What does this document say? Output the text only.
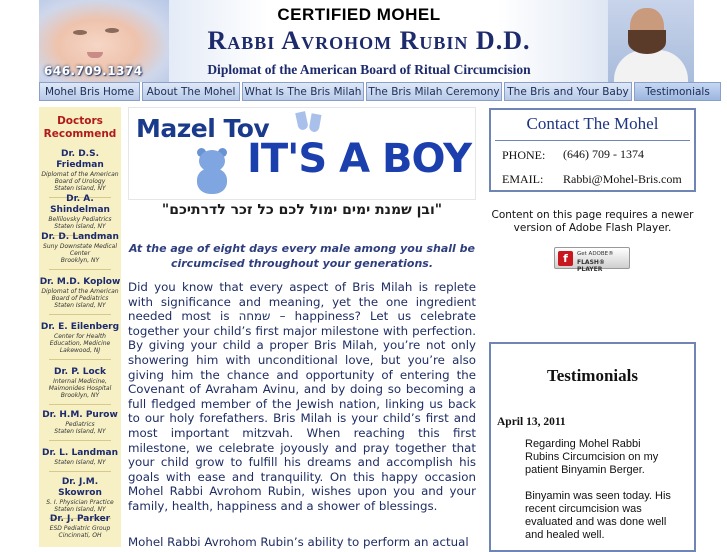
646.709.1374
CERTIFIED MOHEL
Rabbi Avrohom Rubin D.D.
Diplomat of the American Board of Ritual Circumcision
Mohel Bris Home	About The Mohel What Is The Bris Milah The Bris Milah Ceremony The Bris and Your Baby	Testimonials
Doctors Recommend
Dr. D.S. Friedman
Diplomat of the American Board of Urology
Staten Island, NY
Dr. A. Shindelman
Bellilovsky Pediatrics
Staten Island, NY
Dr. D. Landman
Suny Downstate Medical Center
Brooklyn, NY
Dr. M.D. Koplow
Diplomat of the American Board of Pediatrics
Staten Island, NY
Dr. E. Eilenberg
Center for Health Education, Medicine
Lakewood, NJ
Dr. P. Lock
Internal Medicine, Maimonides Hospital
Brooklyn, NY
Dr. H.M. Purow
Pediatrics
Staten Island, NY
Dr. L. Landman
Staten Island, NY
Dr. J.M. Skowron
S. I. Physician Practice
Staten Island, NY
Dr. J. Parker
ESD Pediatric Group
Cincinnati, OH
Mazel Tov
IT'S A BOY
"ובן שמנת ימים ימול לכם כל זכר לדרתיכם"
At the age of eight days every male among you shall be circumcised throughout your generations.
Did you know that every aspect of Bris Milah is replete with significance and meaning, yet the one ingredient needed most is שמחה – happiness? Let us celebrate together your child’s first major milestone with perfection. By giving your child a proper Bris Milah, you’re not only showering him with unconditional love, but you’re also giving him the chance and opportunity of entering the Covenant of Avraham Avinu, and by doing so becoming a full fledged member of the Jewish nation, linking us back to our holy forefathers. Bris Milah is your child’s first and most important mitzvah. When reaching this first milestone, we celebrate joyously and pray together that your child grow to fulfill his dreams and accomplish his goals with ease and tranquility. On this happy occasion Mohel Rabbi Avrohom Rubin, wishes upon you and your family, health, happiness and a shower of blessings.
Mohel Rabbi Avrohom Rubin’s ability to perform an actual
Contact The Mohel
PHONE: (646) 709 - 1374
EMAIL: Rabbi@Mohel-Bris.com
Content on this page requires a newer version of Adobe Flash Player.
f	Get ADOBE®
FLASH® PLAYER
Testimonials
April 13, 2011
Regarding Mohel Rabbi Rubins Circumcision on my patient Binyamin Berger.
Binyamin was seen today. His recent circumcision was evaluated and was done well and healed well.
